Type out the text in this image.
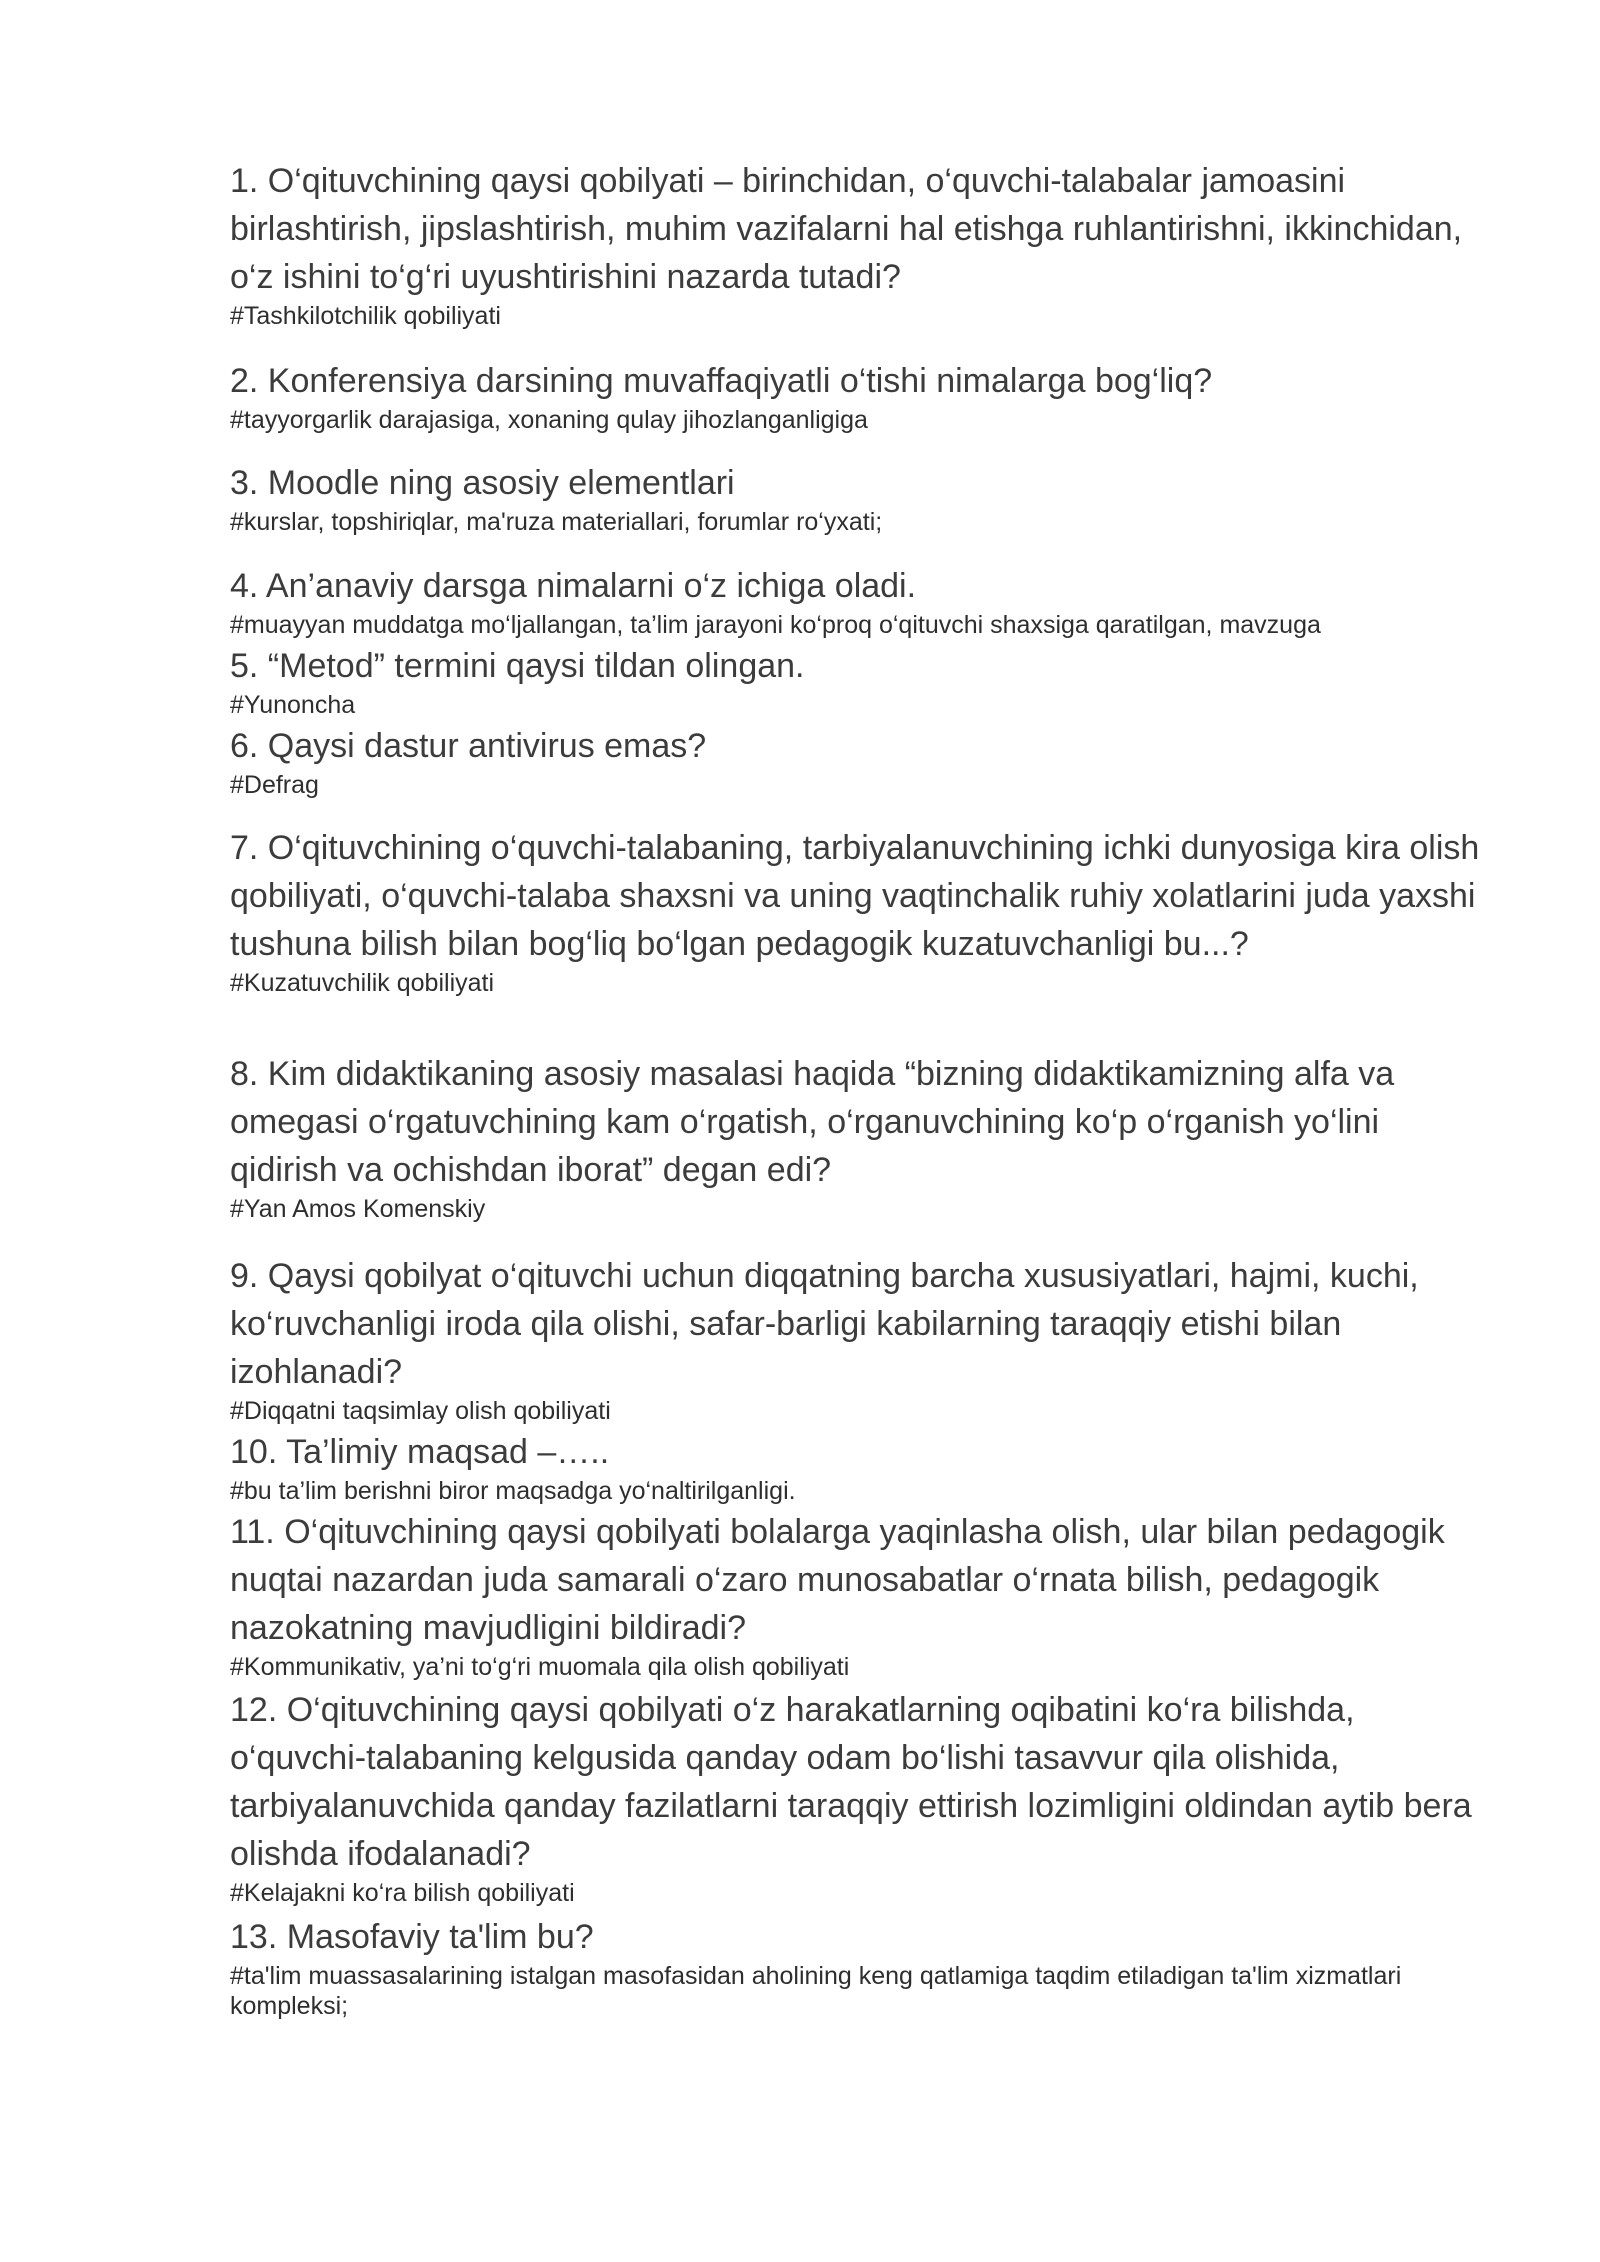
1. O‘qituvchining qaysi qobilyati – birinchidan, o‘quvchi-talabalar jamoasini birlashtirish, jipslashtirish, muhim vazifalarni hal etishga ruhlantirishni, ikkinchidan, o‘z ishini to‘g‘ri uyushtirishini nazarda tutadi?

#Tashkilotchilik qobiliyati

2. Konferensiya darsining muvaffaqiyatli o‘tishi nimalarga bog‘liq?

#tayyorgarlik darajasiga, xonaning qulay jihozlanganligiga

3. Moodle ning asosiy elementlari

#kurslar, topshiriqlar, ma'ruza materiallari, forumlar ro‘yxati;

4. An’anaviy darsga nimalarni o‘z ichiga oladi.

#muayyan muddatga mo‘ljallangan, ta’lim jarayoni ko‘proq o‘qituvchi shaxsiga qaratilgan, mavzuga

5. “Metod” termini qaysi tildan olingan.

#Yunoncha

6. Qaysi dastur antivirus emas?

#Defrag

7. O‘qituvchining o‘quvchi-talabaning, tarbiyalanuvchining ichki dunyosiga kira olish qobiliyati, o‘quvchi-talaba shaxsni va uning vaqtinchalik ruhiy xolatlarini juda yaxshi tushuna bilish bilan bog‘liq bo‘lgan pedagogik kuzatuvchanligi bu...?

#Kuzatuvchilik qobiliyati

8. Kim didaktikaning asosiy masalasi haqida “bizning didaktikamizning alfa va omegasi o‘rgatuvchining kam o‘rgatish, o‘rganuvchining ko‘p o‘rganish yo‘lini qidirish va ochishdan iborat” degan edi?

#Yan Amos Komenskiy

9. Qaysi qobilyat o‘qituvchi uchun diqqatning barcha xususiyatlari, hajmi, kuchi, ko‘ruvchanligi iroda qila olishi, safar-barligi kabilarning taraqqiy etishi bilan izohlanadi?

#Diqqatni taqsimlay olish qobiliyati

10. Ta’limiy maqsad –…..

#bu ta’lim berishni biror maqsadga yo‘naltirilganligi.

11. O‘qituvchining qaysi qobilyati bolalarga yaqinlasha olish, ular bilan pedagogik nuqtai nazardan juda samarali o‘zaro munosabatlar o‘rnata bilish, pedagogik nazokatning mavjudligini bildiradi?

#Kommunikativ, ya’ni to‘g‘ri muomala qila olish qobiliyati

12. O‘qituvchining qaysi qobilyati o‘z harakatlarning oqibatini ko‘ra bilishda, o‘quvchi-talabaning kelgusida qanday odam bo‘lishi tasavvur qila olishida, tarbiyalanuvchida qanday fazilatlarni taraqqiy ettirish lozimligini oldindan aytib bera olishda ifodalanadi?

#Kelajakni ko‘ra bilish qobiliyati

13. Masofaviy ta'lim bu?

#ta'lim muassasalarining istalgan masofasidan aholining keng qatlamiga taqdim etiladigan ta'lim xizmatlari kompleksi;
